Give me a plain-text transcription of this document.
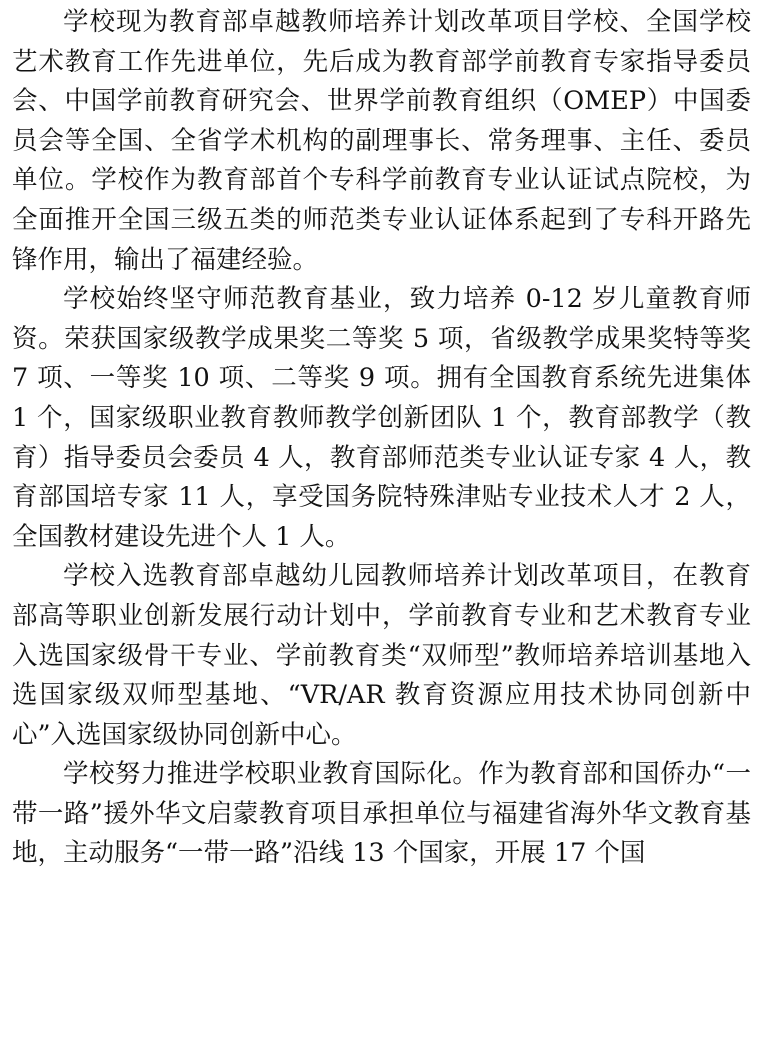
学校现为教育部卓越教师培养计划改革项目学校、全国学校艺术教育工作先进单位，先后成为教育部学前教育专家指导委员会、中国学前教育研究会、世界学前教育组织（OMEP）中国委员会等全国、全省学术机构的副理事长、常务理事、主任、委员单位。学校作为教育部首个专科学前教育专业认证试点院校，为全面推开全国三级五类的师范类专业认证体系起到了专科开路先锋作用，输出了福建经验。

学校始终坚守师范教育基业，致力培养 0-12 岁儿童教育师资。荣获国家级教学成果奖二等奖 5 项，省级教学成果奖特等奖 7 项、一等奖 10 项、二等奖 9 项。拥有全国教育系统先进集体 1 个，国家级职业教育教师教学创新团队 1 个，教育部教学（教育）指导委员会委员 4 人，教育部师范类专业认证专家 4 人，教育部国培专家 11 人，享受国务院特殊津贴专业技术人才 2 人，全国教材建设先进个人 1 人。

学校入选教育部卓越幼儿园教师培养计划改革项目，在教育部高等职业创新发展行动计划中，学前教育专业和艺术教育专业入选国家级骨干专业、学前教育类“双师型”教师培养培训基地入选国家级双师型基地、“VR/AR 教育资源应用技术协同创新中心”入选国家级协同创新中心。

学校努力推进学校职业教育国际化。作为教育部和国侨办“一带一路”援外华文启蒙教育项目承担单位与福建省海外华文教育基地，主动服务“一带一路”沿线 13 个国家，开展 17 个国
